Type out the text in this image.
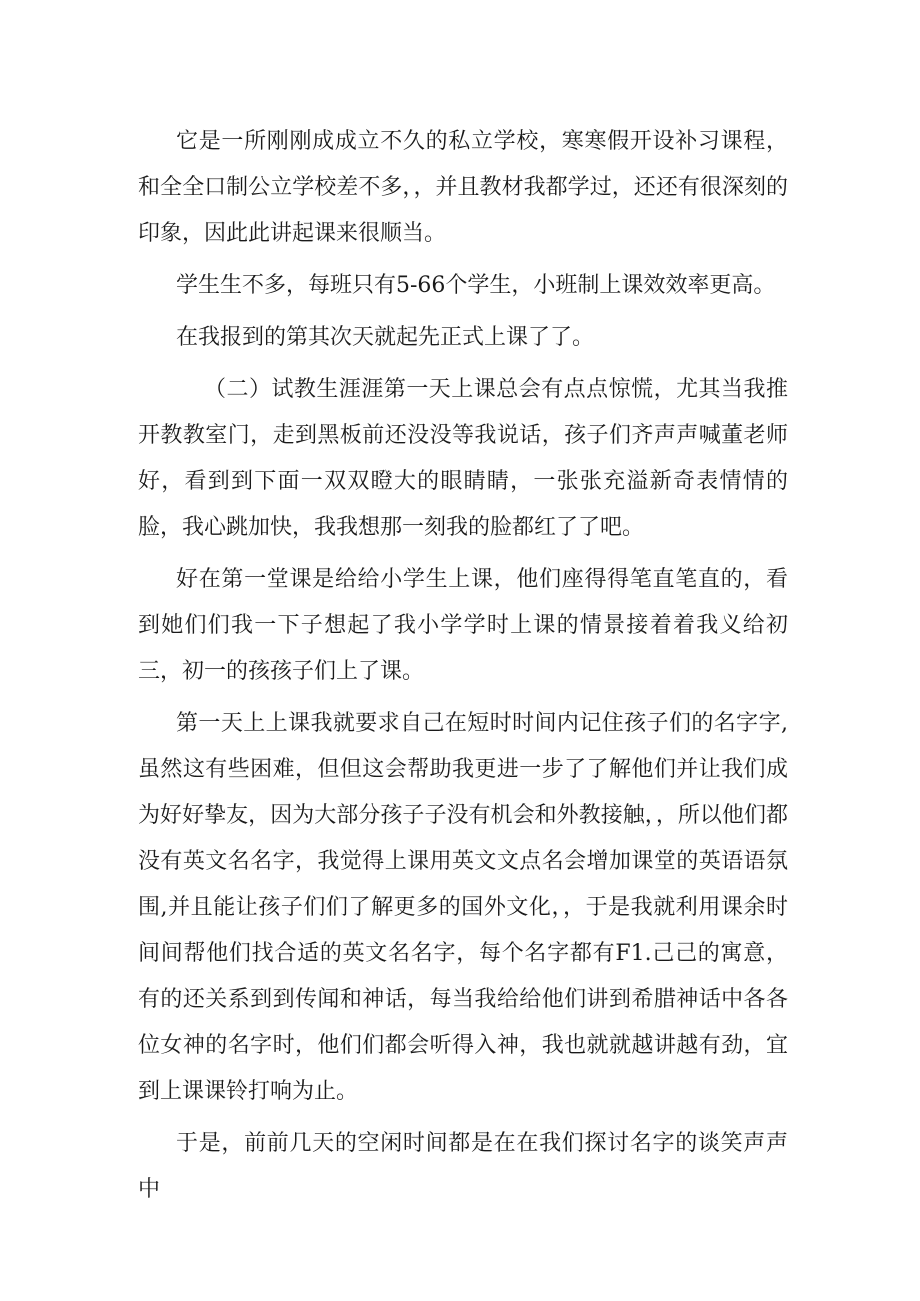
它是一所刚刚成成立不久的私立学校，寒寒假开设补习课程，和全全口制公立学校差不多，，并且教材我都学过，还还有很深刻的印象，因此此讲起课来很顺当。

学生生不多，每班只有5-66个学生，小班制上课效效率更高。

在我报到的第其次天就起先正式上课了了。

（二）试教生涯涯第一天上课总会有点点惊慌，尤其当我推开教教室门，走到黑板前还没没等我说话，孩子们齐声声喊董老师好，看到到下面一双双瞪大的眼睛睛，一张张充溢新奇表情情的脸，我心跳加快，我我想那一刻我的脸都红了了吧。

好在第一堂课是给给小学生上课，他们座得得笔直笔直的，看到她们们我一下子想起了我小学学时上课的情景接着着我义给初三，初一的孩孩子们上了课。

第一天上上课我就要求自己在短时时间内记住孩子们的名字字,虽然这有些困难，但但这会帮助我更进一步了了解他们并让我们成为好好挚友，因为大部分孩子子没有机会和外教接触，，所以他们都没有英文名名字，我觉得上课用英文文点名会增加课堂的英语语氛围,并且能让孩子们们了解更多的国外文化，，于是我就利用课余时间间帮他们找合适的英文名名字，每个名字都有F1.己己的寓意，有的还关系到到传闻和神话，每当我给给他们讲到希腊神话中各各位女神的名字时，他们们都会听得入神，我也就就越讲越有劲，宜到上课课铃打响为止。

于是，前前几天的空闲时间都是在在我们探讨名字的谈笑声声中
